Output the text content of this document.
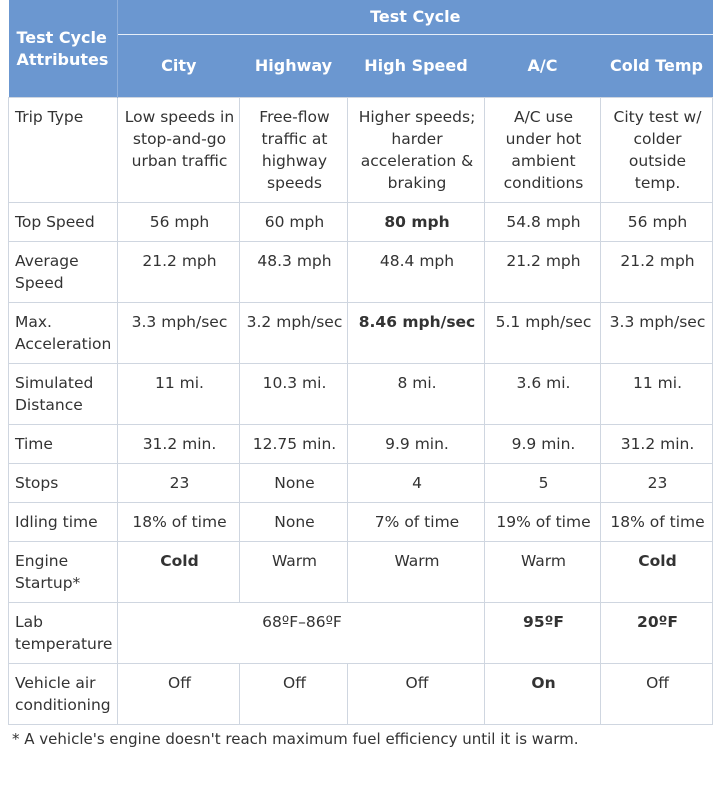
Test Cycle Attributes	Test Cycle				
	City	Highway	High Speed	A/C	Cold Temp
Trip Type	Low speeds in stop-and-go urban traffic	Free-flow traffic at highway speeds	Higher speeds; harder acceleration & braking	A/C use under hot ambient conditions	City test w/ colder outside temp.
Top Speed	56 mph	60 mph	80 mph	54.8 mph	56 mph
Average Speed	21.2 mph	48.3 mph	48.4 mph	21.2 mph	21.2 mph
Max. Acceleration	3.3 mph/sec	3.2 mph/sec	8.46 mph/sec	5.1 mph/sec	3.3 mph/sec
Simulated Distance	11 mi.	10.3 mi.	8 mi.	3.6 mi.	11 mi.
Time	31.2 min.	12.75 min.	9.9 min.	9.9 min.	31.2 min.
Stops	23	None	4	5	23
Idling time	18% of time	None	7% of time	19% of time	18% of time
Engine Startup*	Cold	Warm	Warm	Warm	Cold
Lab temperature	68ºF–86ºF			95ºF	20ºF
Vehicle air conditioning	Off	Off	Off	On	Off
* A vehicle's engine doesn't reach maximum fuel efficiency until it is warm.
